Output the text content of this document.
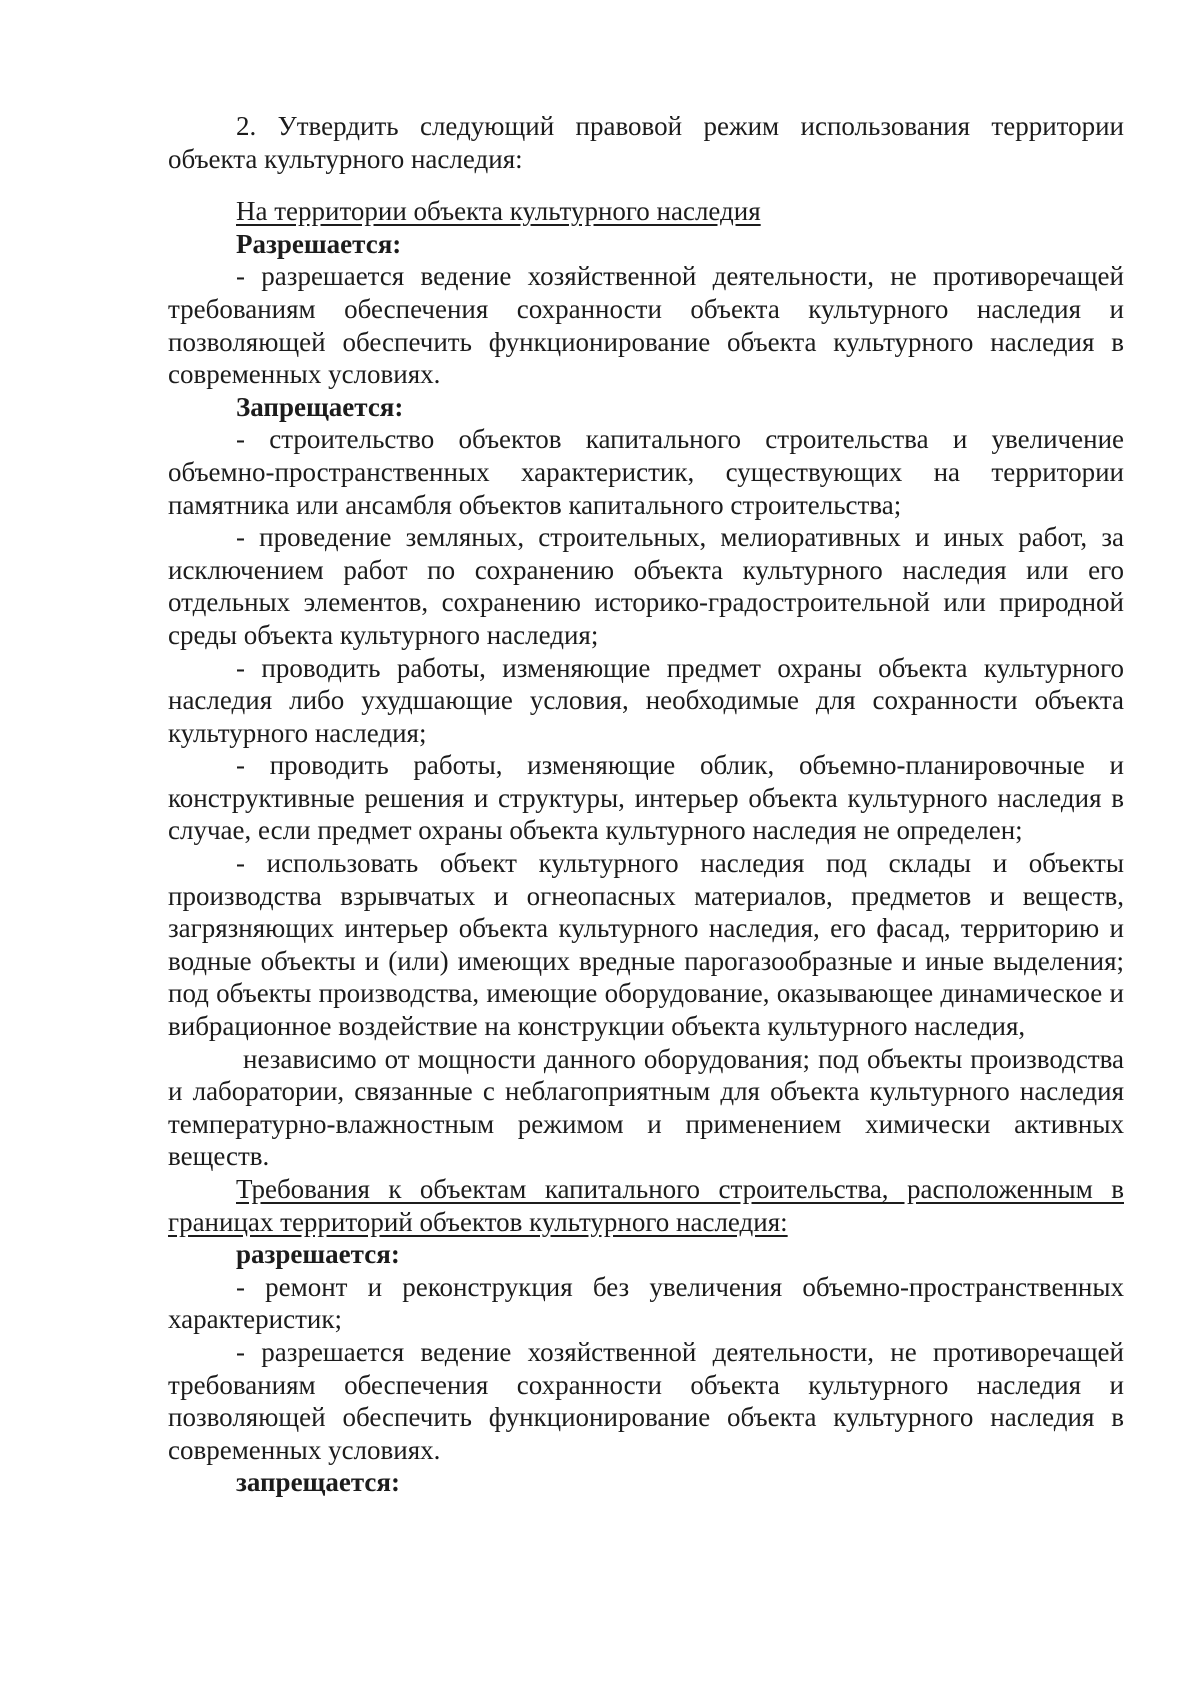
2. Утвердить следующий правовой режим использования территории объекта культурного наследия:

На территории объекта культурного наследия

Разрешается:

- разрешается ведение хозяйственной деятельности, не противоречащей требованиям обеспечения сохранности объекта культурного наследия и позволяющей обеспечить функционирование объекта культурного наследия в современных условиях.

Запрещается:

- строительство объектов капитального строительства и увеличение объемно-пространственных характеристик, существующих на территории памятника или ансамбля объектов капитального строительства;

- проведение земляных, строительных, мелиоративных и иных работ, за исключением работ по сохранению объекта культурного наследия или его отдельных элементов, сохранению историко-градостроительной или природной среды объекта культурного наследия;

- проводить работы, изменяющие предмет охраны объекта культурного наследия либо ухудшающие условия, необходимые для сохранности объекта культурного наследия;

- проводить работы, изменяющие облик, объемно-планировочные и конструктивные решения и структуры, интерьер объекта культурного наследия в случае, если предмет охраны объекта культурного наследия не определен;

- использовать объект культурного наследия под склады и объекты производства взрывчатых и огнеопасных материалов, предметов и веществ, загрязняющих интерьер объекта культурного наследия, его фасад, территорию и водные объекты и (или) имеющих вредные парогазообразные и иные выделения; под объекты производства, имеющие оборудование, оказывающее динамическое и вибрационное воздействие на конструкции объекта культурного наследия,

независимо от мощности данного оборудования; под объекты производства и лаборатории, связанные с неблагоприятным для объекта культурного наследия температурно-влажностным режимом и применением химически активных веществ.

Требования к объектам капитального строительства, расположенным в границах территорий объектов культурного наследия:

разрешается:

- ремонт и реконструкция без увеличения объемно-пространственных характеристик;

- разрешается ведение хозяйственной деятельности, не противоречащей требованиям обеспечения сохранности объекта культурного наследия и позволяющей обеспечить функционирование объекта культурного наследия в современных условиях.

запрещается:
